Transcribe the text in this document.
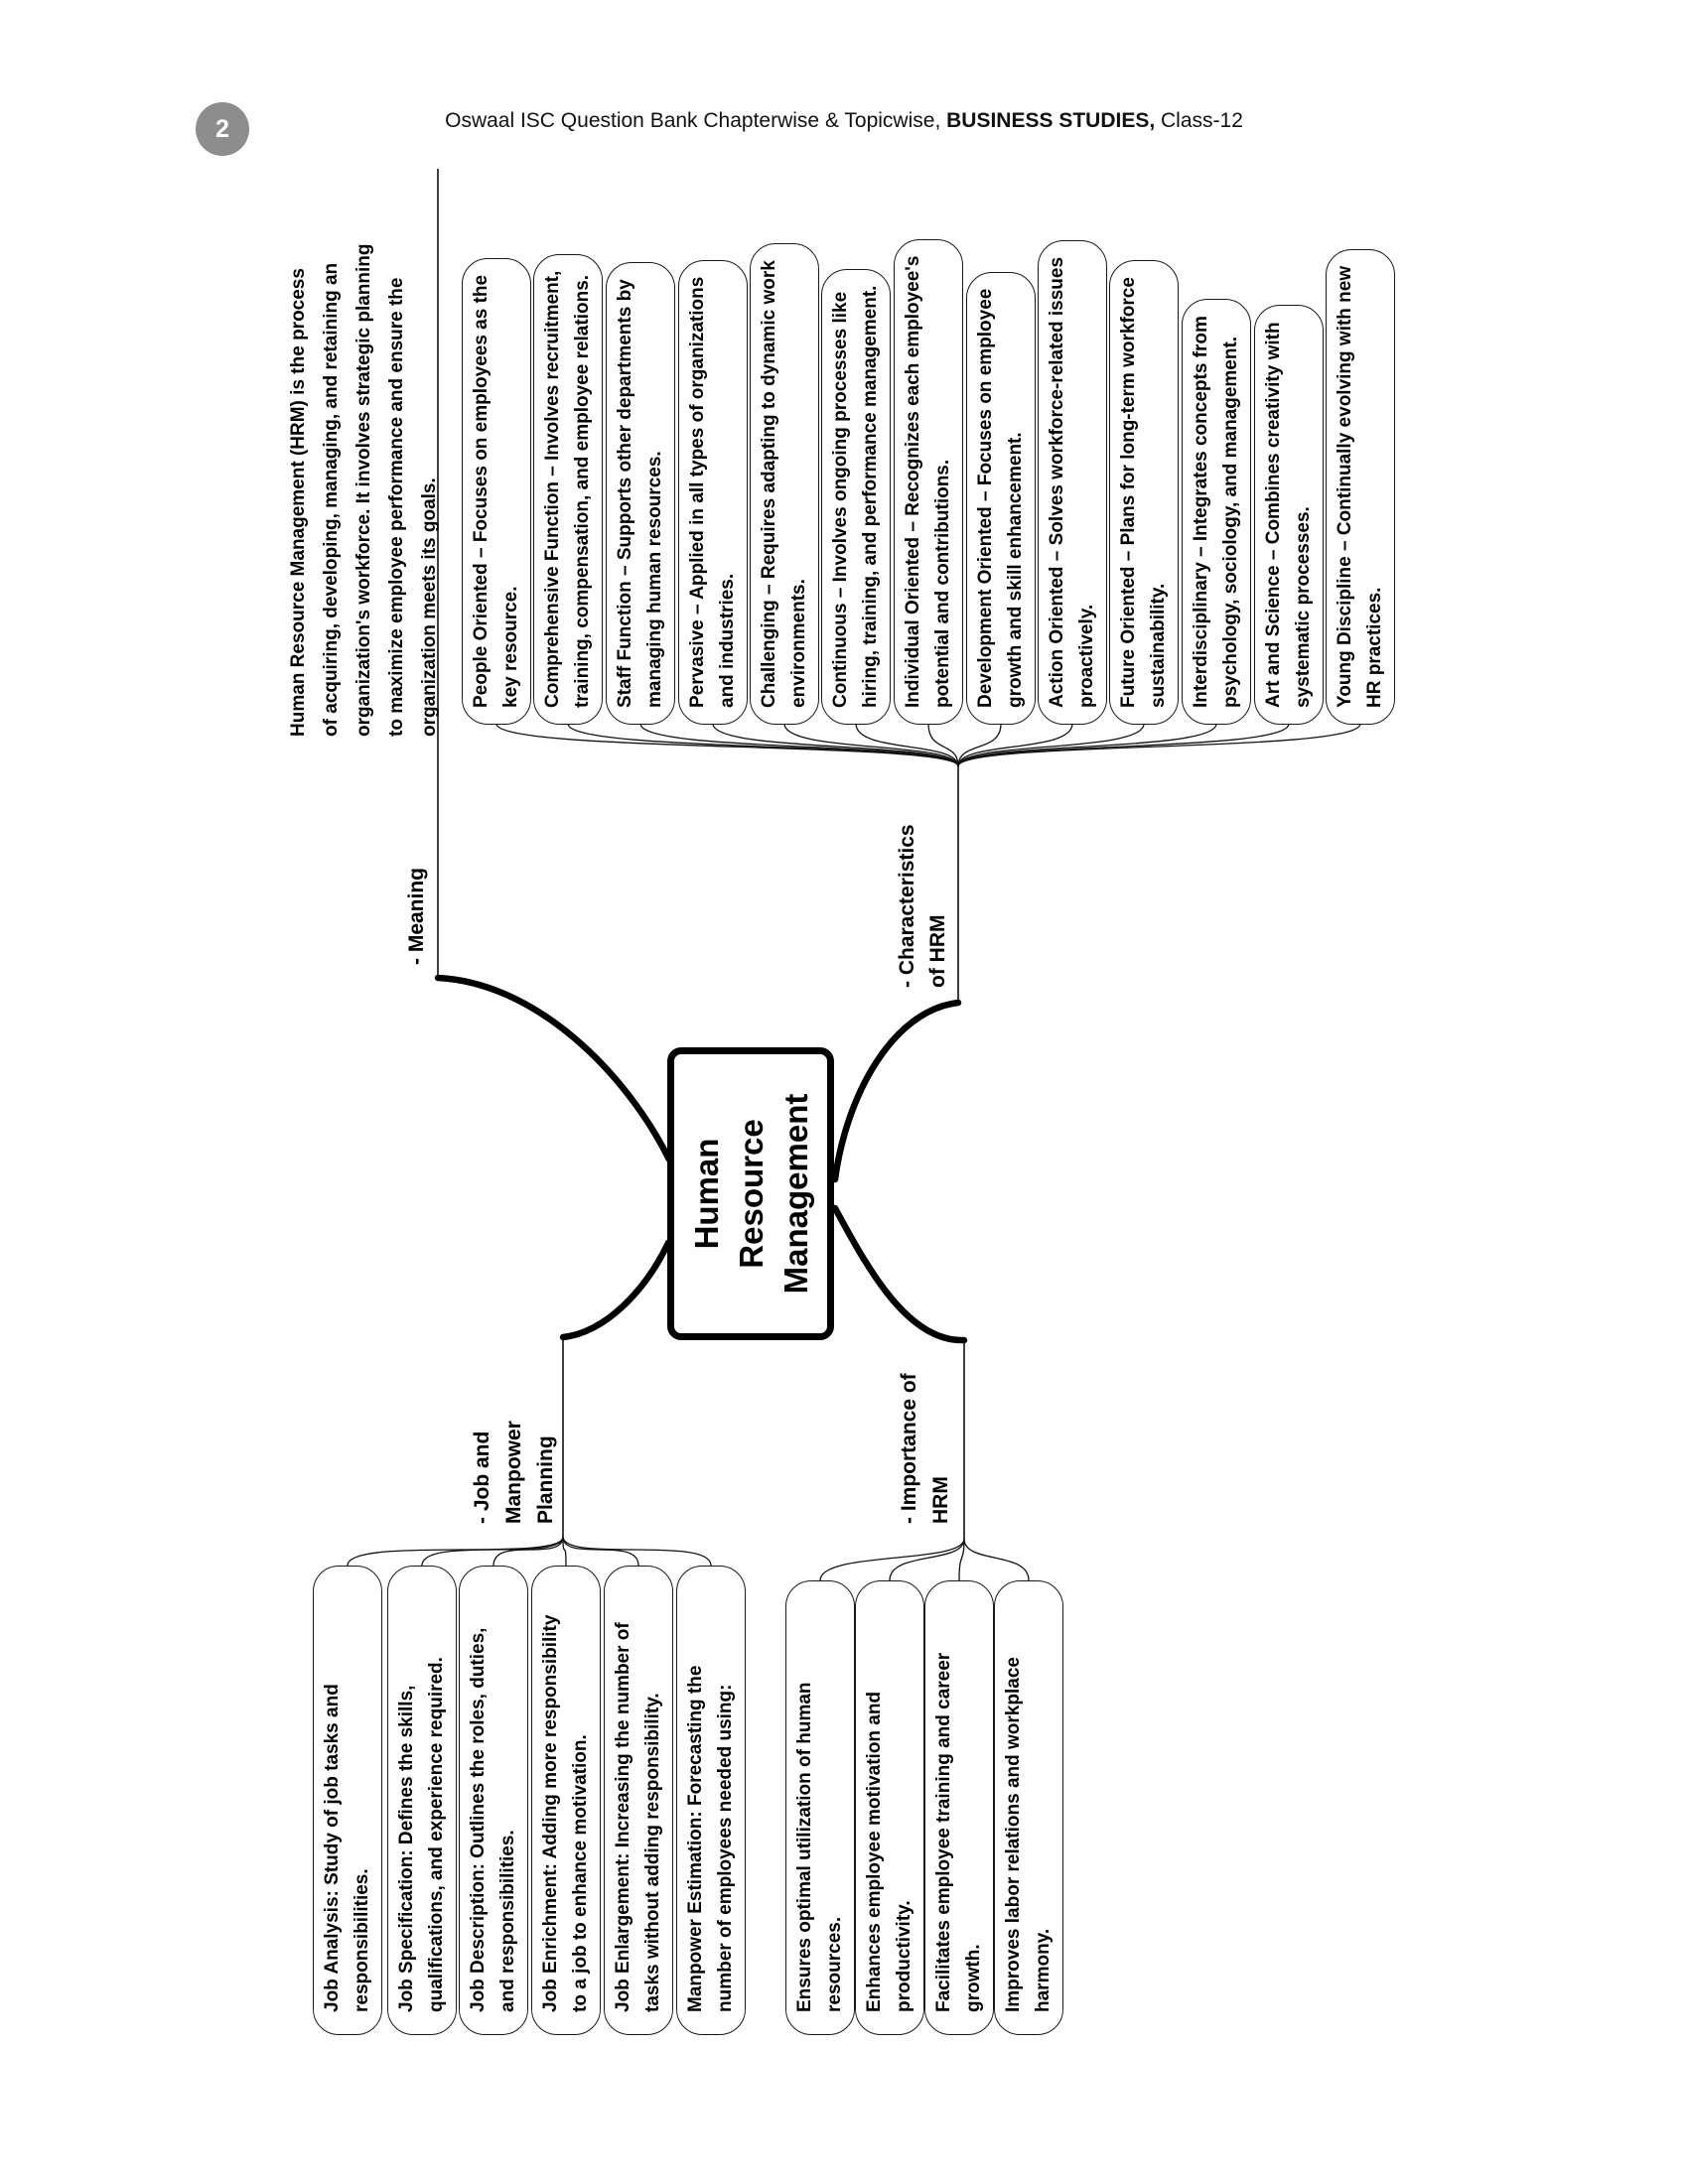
Human Resource Management
- Meaning	- Characteristics of HRM
- Job and Manpower Planning	- Importance of HRM
Human Resource Management (HRM) is the process of acquiring, developing, managing, and retaining an organization's workforce. It involves strategic planning to maximize employee performance and ensure the organization meets its goals.	People Oriented – Focuses on employees as the key resource. Comprehensive Function – Involves recruitment, training, compensation, and employee relations. Staff Function – Supports other departments by managing human resources. Pervasive – Applied in all types of organizations and industries. Challenging – Requires adapting to dynamic work environments. Continuous – Involves ongoing processes like hiring, training, and performance management. Individual Oriented – Recognizes each employee's potential and contributions. Development Oriented – Focuses on employee growth and skill enhancement. Action Oriented – Solves workforce-related issues proactively. Future Oriented – Plans for long-term workforce sustainability. Interdisciplinary – Integrates concepts from psychology, sociology, and management. Art and Science – Combines creativity with systematic processes. Young Discipline – Continually evolving with new HR practices.
Job Analysis: Study of job tasks and responsibilities. Job Specification: Defines the skills, qualifications, and experience required. Job Description: Outlines the roles, duties, and responsibilities. Job Enrichment: Adding more responsibility to a job to enhance motivation. Job Enlargement: Increasing the number of tasks without adding responsibility. Manpower Estimation: Forecasting the number of employees needed using:	Ensures optimal utilization of human resources. Enhances employee motivation and productivity. Facilitates employee training and career growth. Improves labor relations and workplace harmony.
2	Oswaal ISC Question Bank Chapterwise & Topicwise, BUSINESS STUDIES, Class-12
